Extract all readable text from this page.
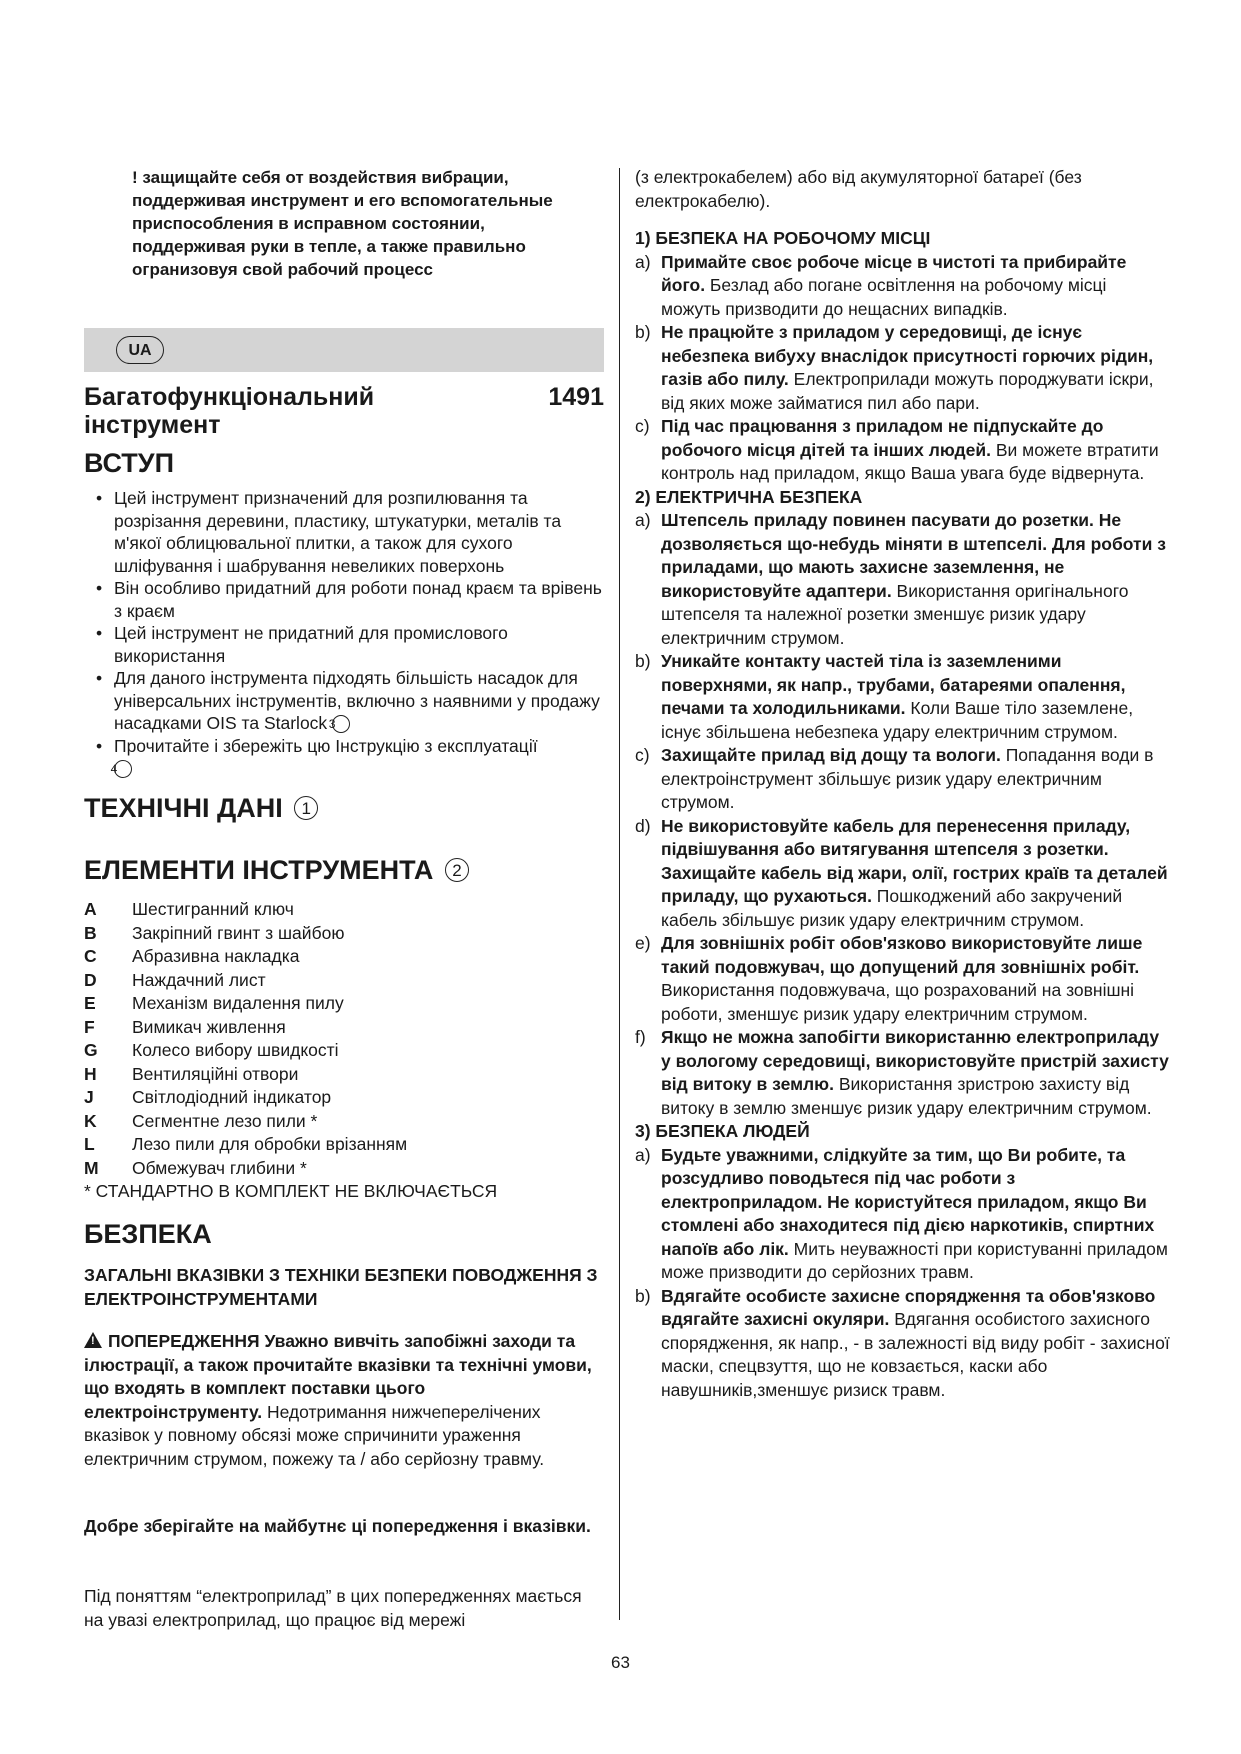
! защищайте себя от воздействия вибрации, поддерживая инструмент и его вспомогательные приспособления в исправном состоянии, поддерживая руки в тепле, а также правильно огранизовуя свой рабочий процесс
UA
Багатофункціональний
інструмент
1491
ВСТУП
• Цей інструмент призначений для розпилювання та розрізання деревини, пластику, штукатурки, металів та м'якої облицювальної плитки, а також для сухого шліфування і шабрування невеликих поверхонь
• Він особливо придатний для роботи понад краєм та врівень з краєм
• Цей інструмент не придатний для промислового використання
• Для даного інструмента підходять більшість насадок для універсальних інструментів, включно з наявними у продажу насадками OIS та Starlock 3
• Прочитайте і збережіть цю Інструкцію з експлуатації
4
ТЕХНІЧНІ ДАНІ 1
ЕЛЕМЕНТИ ІНСТРУМЕНТА 2
A	Шестигранний ключ
B	Закріпний гвинт з шайбою
C	Абразивна накладка
D	Наждачний лист
E	Механізм видалення пилу
F	Вимикач живлення
G	Колесо вибору швидкості
H	Вентиляційні отвори
J	Світлодіодний індикатор
K	Сегментне лезо пили *
L	Лезо пили для обробки врізанням
M	Обмежувач глибини *
* СТАНДАРТНО В КОМПЛЕКТ НЕ ВКЛЮЧАЄТЬСЯ
БЕЗПЕКА
ЗАГАЛЬНІ ВКАЗІВКИ З ТЕХНІКИ БЕЗПЕКИ ПОВОДЖЕННЯ З ЕЛЕКТРОІНСТРУМЕНТАМИ
! ПОПЕРЕДЖЕННЯ Уважно вивчіть запобіжні заходи та ілюстрації, а також прочитайте вказівки та технічні умови, що входять в комплект поставки цього електроінструменту. Недотримання нижчеперелічених вказівок у повному обсязі може спричинити ураження електричним струмом, пожежу та / або серйозну травму.
Добре зберігайте на майбутнє ці попередження і вказівки.
Під поняттям “електроприлад” в цих попередженнях мається на увазі електроприлад, що працює від мережі
(з електрокабелем) або від акумуляторної батареї (без електрокабелю).
1) БЕЗПЕКА НА РОБОЧОМУ МІСЦІ
a) Примайте своє робоче місце в чистоті та прибирайте його. Безлад або погане освітлення на робочому місці можуть призводити до нещасних випадків.
b) Не працюйте з приладом у середовищі, де існує небезпека вибуху внаслідок присутності горючих рідин, газів або пилу. Електроприлади можуть породжувати іскри, від яких може займатися пил або пари.
c) Під час працювання з приладом не підпускайте до робочого місця дітей та інших людей. Ви можете втратити контроль над приладом, якщо Ваша увага буде відвернута.
2) ЕЛЕКТРИЧНА БЕЗПЕКА
a) Штепсель приладу повинен пасувати до розетки. Не дозволяється що-небудь міняти в штепселі. Для роботи з приладами, що мають захисне заземлення, не використовуйте адаптери. Використання оригінального штепселя та належної розетки зменшує ризик удару електричним струмом.
b) Уникайте контакту частей тіла із заземленими поверхнями, як напр., трубами, батареями опалення, печами та холодильниками. Коли Ваше тіло заземлене, існує збільшена небезпека удару електричним струмом.
c) Захищайте прилад від дощу та вологи. Попадання води в електроінструмент збільшує ризик удару електричним струмом.
d) Не використовуйте кабель для перенесення приладу, підвішування або витягування штепселя з розетки. Захищайте кабель від жари, олії, гострих країв та деталей приладу, що рухаються. Пошкоджений або закручений кабель збільшує ризик удару електричним струмом.
e) Для зовнішніх робіт обов'язково використовуйте лише такий подовжувач, що допущений для зовнішніх робіт. Використання подовжувача, що розрахований на зовнішні роботи, зменшує ризик удару електричним струмом.
f) Якщо не можна запобігти використанню електроприладу у вологому середовищі, використовуйте пристрій захисту від витоку в землю. Використання зристрою захисту від витоку в землю зменшує ризик удару електричним струмом.
3) БЕЗПЕКА ЛЮДЕЙ
a) Будьте уважними, слідкуйте за тим, що Ви робите, та розсудливо поводьтеся під час роботи з електроприладом. Не користуйтеся приладом, якщо Ви стомлені або знаходитеся під дією наркотиків, спиртних напоїв або лік. Мить неуважності при користуванні приладом може призводити до серйозних травм.
b) Вдягайте особисте захисне спорядження та обов'язково вдягайте захисні окуляри. Вдягання особистого захисного спорядження, як напр., - в залежності від виду робіт - захисної маски, спецвзуття, що не ковзається, каски або навушників,зменшує ризиск травм.
63
